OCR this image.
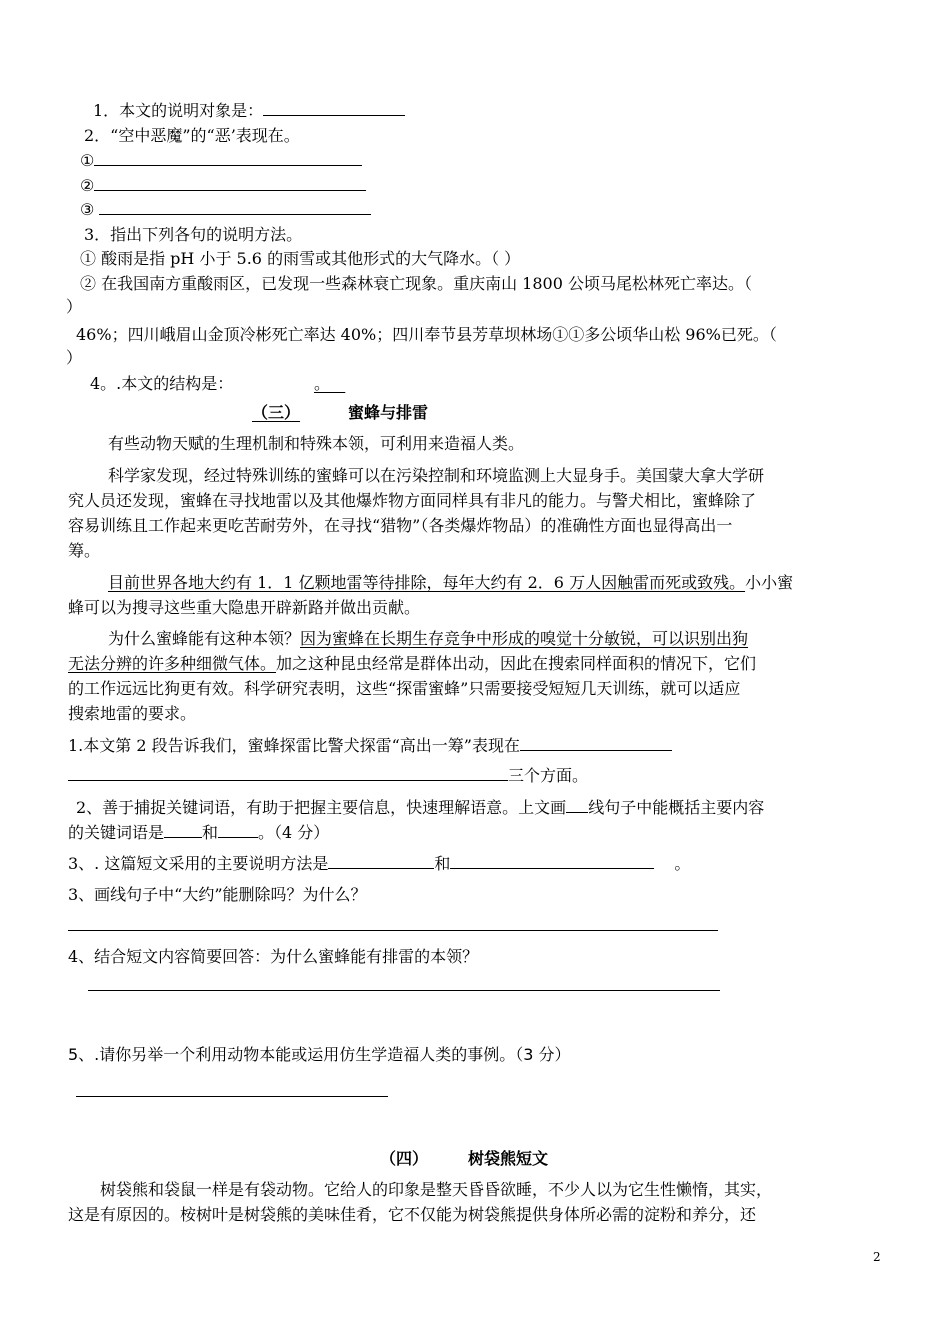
1．本文的说明对象是：
2．“空中恶魔”的“恶’表现在。
①
②
③
3．指出下列各句的说明方法。
① 酸雨是指 pH 小于 5.6 的雨雪或其他形式的大气降水。（ ）
② 在我国南方重酸雨区，已发现一些森林衰亡现象。重庆南山 1800 公顷马尾松林死亡率达。（
）
46%；四川峨眉山金顶冷彬死亡率达 40%；四川奉节县芳草坝林场①①多公顷华山松 96%已死。（
）
4。.本文的结构是：	。
（三）	蜜蜂与排雷
有些动物天赋的生理机制和特殊本领，可利用来造福人类。
科学家发现，经过特殊训练的蜜蜂可以在污染控制和环境监测上大显身手。美国蒙大拿大学研
究人员还发现，蜜蜂在寻找地雷以及其他爆炸物方面同样具有非凡的能力。与警犬相比，蜜蜂除了
容易训练且工作起来更吃苦耐劳外，在寻找“猎物”（各类爆炸物品）的准确性方面也显得高出一
筹。
目前世界各地大约有 1．1 亿颗地雷等待排除，每年大约有 2．6 万人因触雷而死或致残。小小蜜
蜂可以为搜寻这些重大隐患开辟新路并做出贡献。
为什么蜜蜂能有这种本领？因为蜜蜂在长期生存竞争中形成的嗅觉十分敏锐，可以识别出狗
无法分辨的许多种细微气体。加之这种昆虫经常是群体出动，因此在搜索同样面积的情况下，它们
的工作远远比狗更有效。科学研究表明，这些“探雷蜜蜂”只需要接受短短几天训练，就可以适应
搜索地雷的要求。
1.本文第 2 段告诉我们，蜜蜂探雷比警犬探雷“高出一筹”表现在
三个方面。
2、善于捕捉关键词语，有助于把握主要信息，快速理解语意。上文画 线句子中能概括主要内容
的关键词语是 和	。（4 分）
3、. 这篇短文采用的主要说明方法是	和	。
3、画线句子中“大约”能删除吗？为什么？
4、结合短文内容简要回答：为什么蜜蜂能有排雷的本领？
5、.请你另举一个利用动物本能或运用仿生学造福人类的事例。（3 分）
（四）	树袋熊短文
树袋熊和袋鼠一样是有袋动物。它给人的印象是整天昏昏欲睡，不少人以为它生性懒惰，其实，
这是有原因的。桉树叶是树袋熊的美味佳肴，它不仅能为树袋熊提供身体所必需的淀粉和养分，还
2
